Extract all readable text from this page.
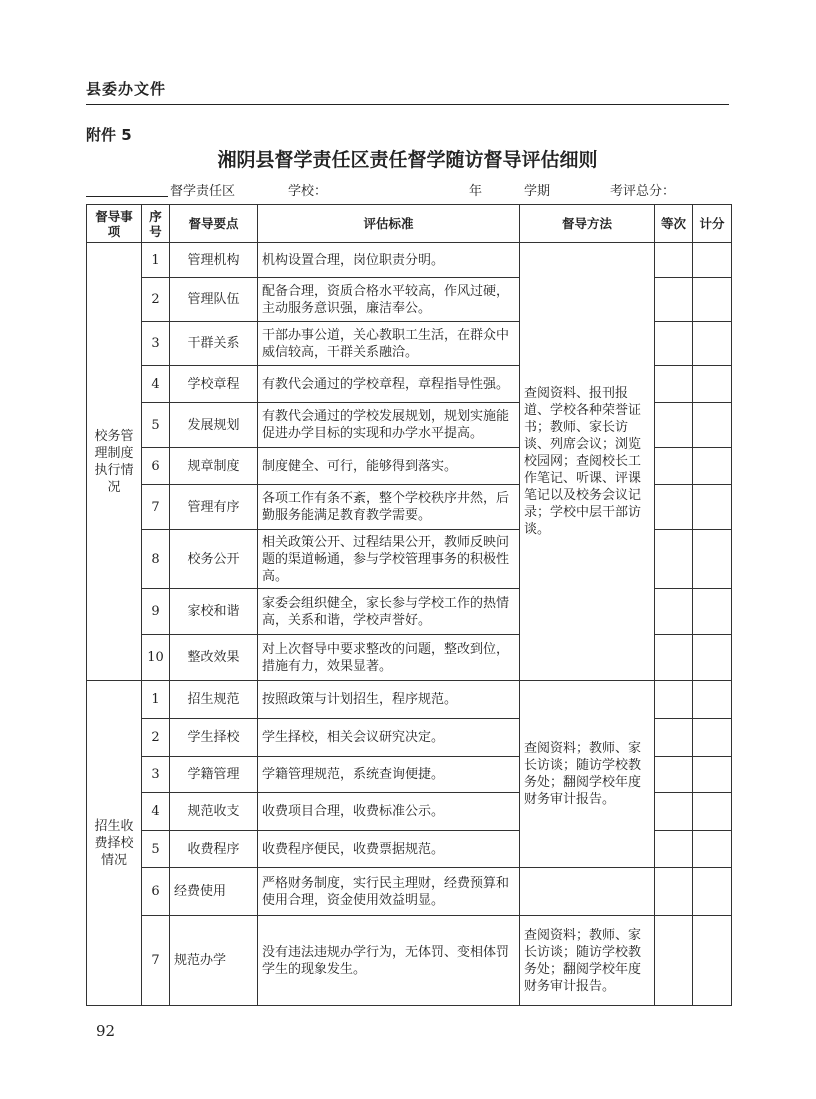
县委办文件
附件 5
湘阴县督学责任区责任督学随访督导评估细则
督学责任区	学校：	年	学期	考评总分：
督导事项	序号	督导要点	评估标准	督导方法	等次	计分
校务管理制度执行情况	1	管理机构	机构设置合理，岗位职责分明。	查阅资料、报刊报道、学校各种荣誉证书；教师、家长访谈、列席会议；浏览校园网；查阅校长工作笔记、听课、评课笔记以及校务会议记录；学校中层干部访谈。		
	2	管理队伍	配备合理，资质合格水平较高，作风过硬，主动服务意识强，廉洁奉公。			
	3	干群关系	干部办事公道，关心教职工生活，在群众中威信较高，干群关系融洽。			
	4	学校章程	有教代会通过的学校章程，章程指导性强。			
	5	发展规划	有教代会通过的学校发展规划，规划实施能促进办学目标的实现和办学水平提高。			
	6	规章制度	制度健全、可行，能够得到落实。			
	7	管理有序	各项工作有条不紊，整个学校秩序井然，后勤服务能满足教育教学需要。			
	8	校务公开	相关政策公开、过程结果公开，教师反映问题的渠道畅通，参与学校管理事务的积极性高。			
	9	家校和谐	家委会组织健全，家长参与学校工作的热情高，关系和谐，学校声誉好。			
	10	整改效果	对上次督导中要求整改的问题，整改到位，措施有力，效果显著。			
招生收费择校情况	1	招生规范	按照政策与计划招生，程序规范。	查阅资料；教师、家长访谈；随访学校教务处；翻阅学校年度财务审计报告。		
	2	学生择校	学生择校，相关会议研究决定。			
	3	学籍管理	学籍管理规范，系统查询便捷。			
	4	规范收支	收费项目合理，收费标准公示。			
	5	收费程序	收费程序便民，收费票据规范。			
	6	经费使用	严格财务制度，实行民主理财，经费预算和使用合理，资金使用效益明显。			
	7	规范办学	没有违法违规办学行为，无体罚、变相体罚学生的现象发生。	查阅资料；教师、家长访谈；随访学校教务处；翻阅学校年度财务审计报告。		
92
